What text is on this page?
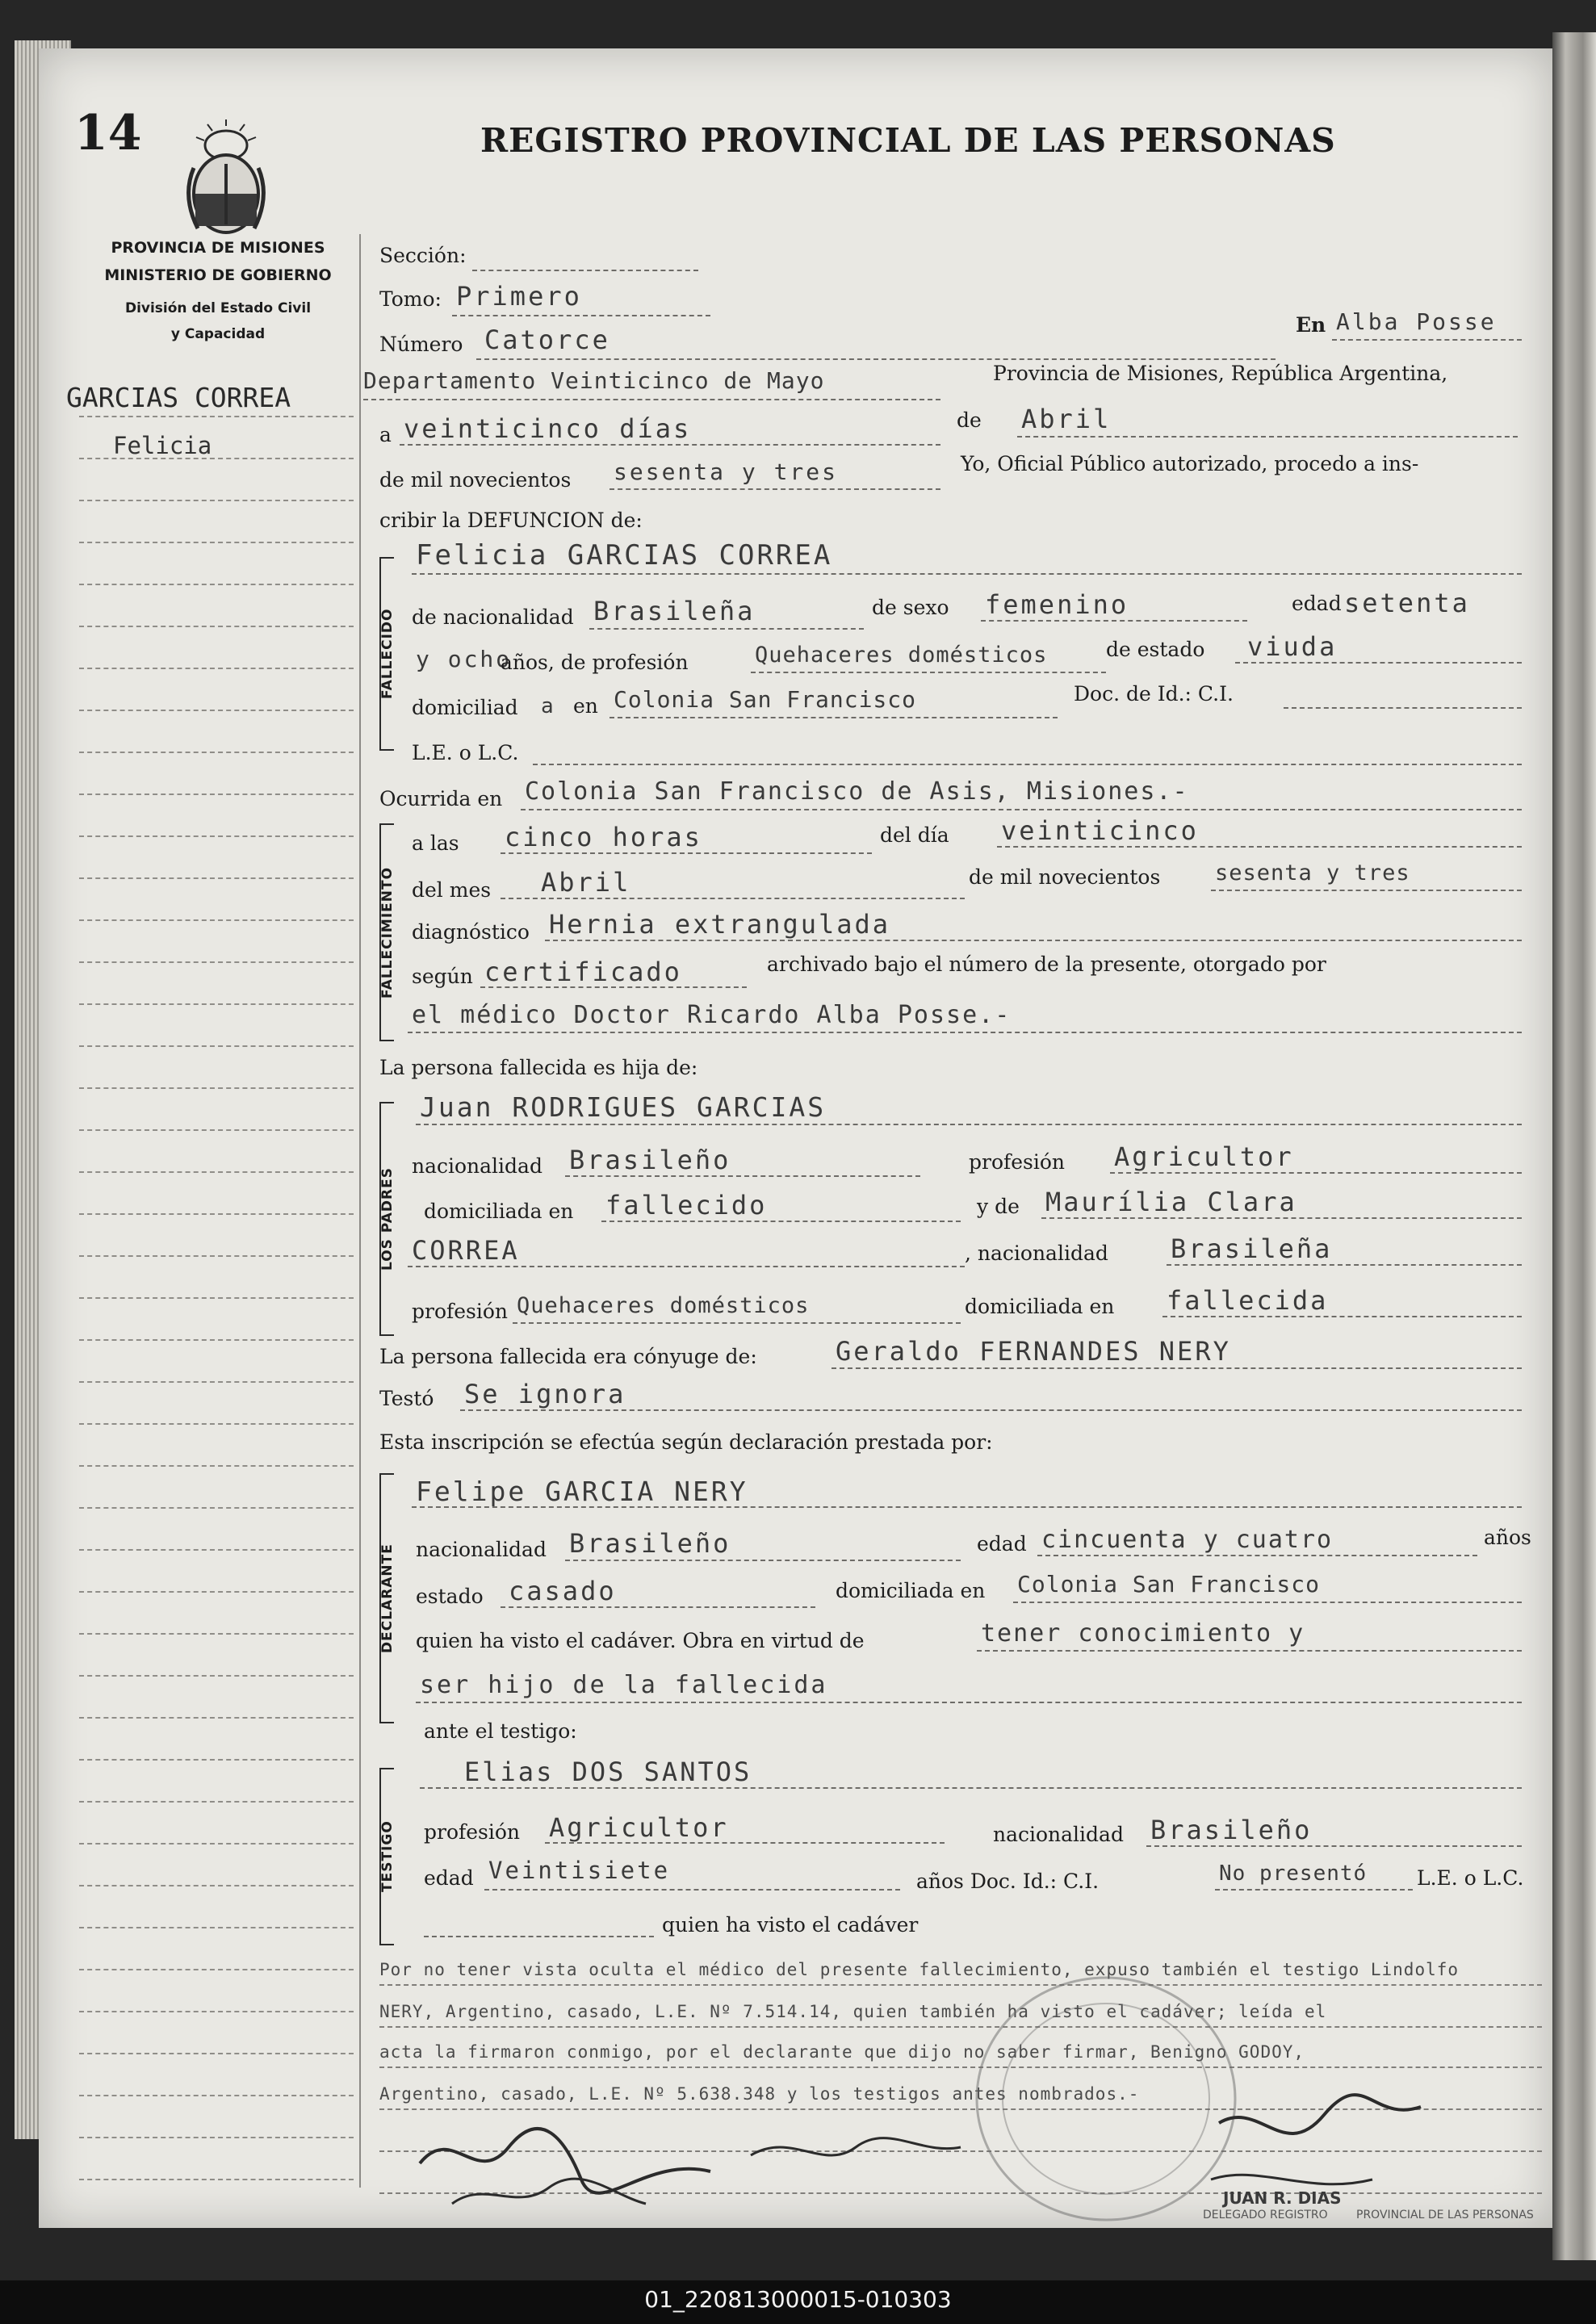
14	REGISTRO PROVINCIAL DE LAS PERSONAS
PROVINCIA DE MISIONES
MINISTERIO DE GOBIERNO
División del Estado Civil
y Capacidad
GARCIAS CORREA
Felicia
Sección:
Tomo: Primero
Número Catorce	En Alba Posse
Departamento Veinticinco de Mayo	Provincia de Misiones, República Argentina,
a veinticinco días	de Abril
de mil novecientos sesenta y tres	Yo, Oficial Público autorizado, procedo a ins-
cribir la DEFUNCION de:
FALLECIDO
Felicia GARCIAS CORREA
de nacionalidad Brasileña	de sexo femenino	edad setenta
y ocho
años, de profesión	Quehaceres domésticos	de estado viuda
domiciliad a en Colonia San Francisco	Doc. de Id.: C.I.
L.E. o L.C.
Ocurrida en Colonia San Francisco de Asis, Misiones.-
FALLECIMIENTO
a las cinco horas	del día veinticinco
del mes Abril	de mil novecientos	sesenta y tres
diagnóstico Hernia extrangulada
según certificado	archivado bajo el número de la presente, otorgado por
el médico Doctor Ricardo Alba Posse.-
La persona fallecida es hija de:
LOS PADRES
Juan RODRIGUES GARCIAS
nacionalidad Brasileño	profesión Agricultor
domiciliada en fallecido	y de Maurília Clara
CORREA	, nacionalidad Brasileña
profesión Quehaceres domésticos	domiciliada en fallecida
La persona fallecida era cónyuge de:	Geraldo FERNANDES NERY
Testó Se ignora
Esta inscripción se efectúa según declaración prestada por:
DECLARANTE
Felipe GARCIA NERY
nacionalidad Brasileño	edad cincuenta y cuatro	años
estado casado	domiciliada en Colonia San Francisco
quien ha visto el cadáver. Obra en virtud de	tener conocimiento y
ser hijo de la fallecida
ante el testigo:
TESTIGO
Elias DOS SANTOS
profesión Agricultor	nacionalidad Brasileño
edad Veintisiete	años Doc. Id.: C.I.	No presentó L.E. o L.C.
quien ha visto el cadáver
Por no tener vista oculta el médico del presente fallecimiento, expuso también el testigo Lindolfo
NERY, Argentino, casado, L.E. Nº 7.514.14, quien también ha visto el cadáver; leída el
acta la firmaron conmigo, por el declarante que dijo no saber firmar, Benigno GODOY,
Argentino, casado, L.E. Nº 5.638.348 y los testigos antes nombrados.-
JUAN R. DIAS
DELEGADO REGISTRO	PROVINCIAL DE LAS PERSONAS
01_220813000015-010303
